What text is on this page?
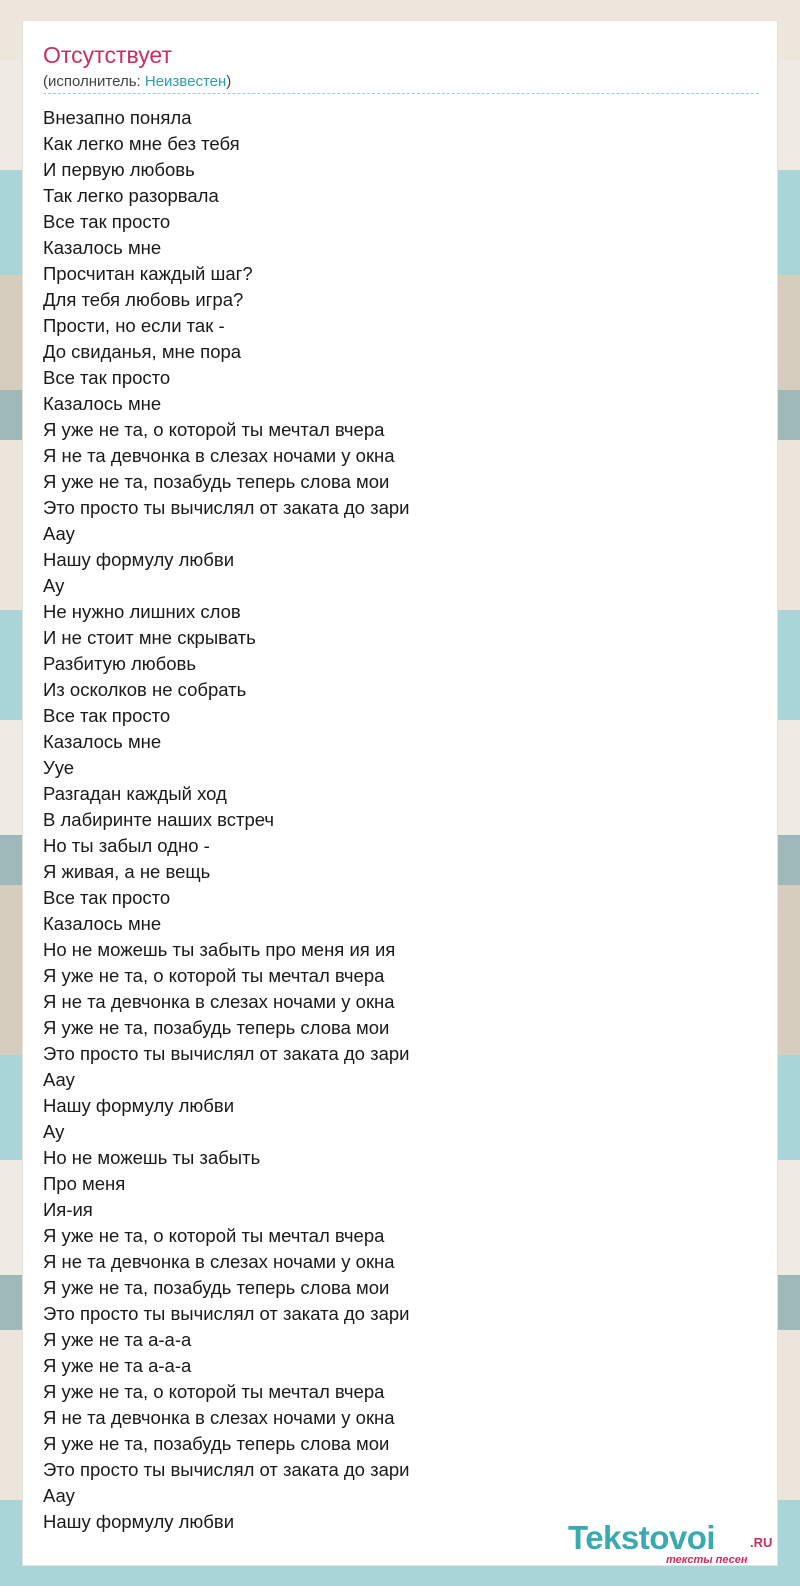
Отсутствует
(исполнитель: Неизвестен)
Внезапно поняла
Как легко мне без тебя
И первую любовь
Так легко разорвала
Все так просто
Казалось мне
Просчитан каждый шаг?
Для тебя любовь игра?
Прости, но если так -
До свиданья, мне пора
Все так просто
Казалось мне
Я уже не та, о которой ты мечтал вчера
Я не та девчонка в слезах ночами у окна
Я уже не та, позабудь теперь слова мои
Это просто ты вычислял от заката до зари
Аау
Нашу формулу любви
Ау
Не нужно лишних слов
И не стоит мне скрывать
Разбитую любовь
Из осколков не собрать
Все так просто
Казалось мне
Ууе
Разгадан каждый ход
В лабиринте наших встреч
Но ты забыл одно -
Я живая, а не вещь
Все так просто
Казалось мне
Но не можешь ты забыть про меня ия ия
Я уже не та, о которой ты мечтал вчера
Я не та девчонка в слезах ночами у окна
Я уже не та, позабудь теперь слова мои
Это просто ты вычислял от заката до зари
Аау
Нашу формулу любви
Ау
Но не можешь ты забыть
Про меня
Ия-ия
Я уже не та, о которой ты мечтал вчера
Я не та девчонка в слезах ночами у окна
Я уже не та, позабудь теперь слова мои
Это просто ты вычислял от заката до зари
Я уже не та а-а-а
Я уже не та а-а-а
Я уже не та, о которой ты мечтал вчера
Я не та девчонка в слезах ночами у окна
Я уже не та, позабудь теперь слова мои
Это просто ты вычислял от заката до зари
Аау
Нашу формулу любви	Tekstovoi	.RU
тексты песен
